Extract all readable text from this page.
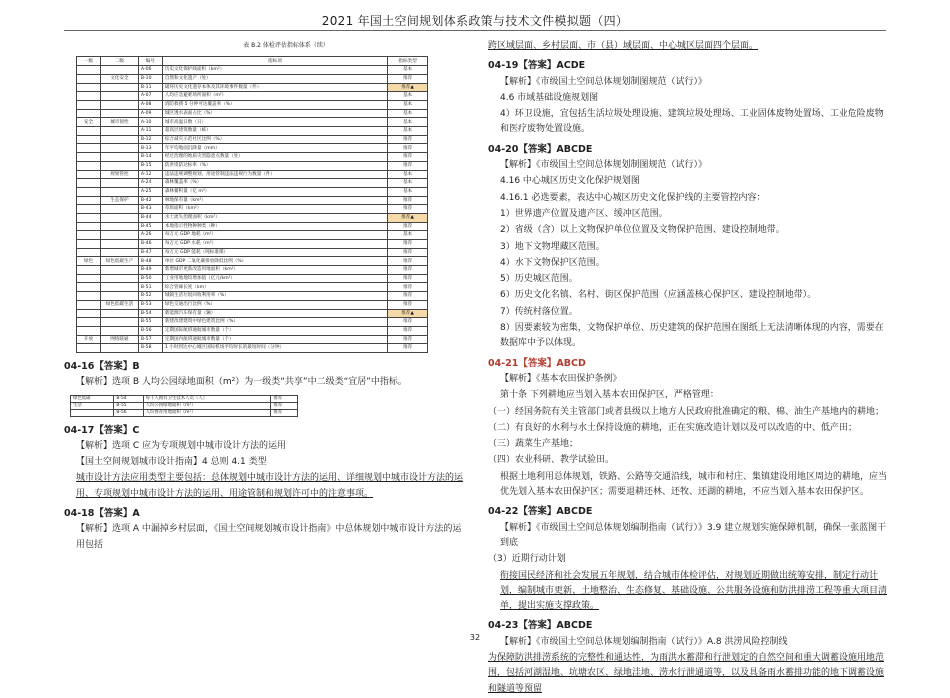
2021 年国土空间规划体系政策与技术文件模拟题（四）
表 B.2 体检评估指标体系（续）
一级	二级	编号	指标项	指标类型
		A-06	历史文化保护线面积（km²）	基本
	文化安全	B-10	自然和文化遗产（处）	推荐
		B-11	破坏历史文化遗存本体及其环境事件数量（件）	推荐▲
		A-07	人均应急避难场所面积（m²）	基本
		A-08	消防救援 5 分钟可达覆盖率（%）	基本
		A-09	城区透水表面占比（%）	基本
安全	城市韧性	A-10	城市高温日数（日）	基本
		A-11	超高层建筑数量（栋）	基本
		B-12	综合减灾示范社区比例（%）	推荐
		B-13	年平均地面沉降量（mm）	推荐
		B-14	经过治理的地质灾害隐患点数量（处）	推荐
		B-15	防洪堤防达标率（%）	推荐
	规划管控	A-12	违法违规调整规划、用途管制违法违规行为数量（件）	基本
		A-24	森林覆盖率（%）	基本
		A-25	森林蓄积量（亿 m³）	基本
	生态保护	B-42	林地保有量（km²）	推荐
		B-43	草原面积（km²）	推荐
		B-44	水土流失治理面积（km²）	推荐▲
		B-45	本地指示性物种种类（种）	推荐
		A-26	每万元 GDP 地耗（m²）	基本
		B-46	每万元 GDP 水耗（m³）	推荐
		B-47	每万元 GDP 能耗（吨标准煤）	推荐
绿色	绿色低碳生产	B-48	单位 GDP 二氧化碳排放降低比例（%）	推荐
		B-49	新增城市更新改造用地面积（km²）	推荐
		B-50	工业用地地均增加值（亿元/km²）	推荐
		B-51	综合管廊长度（km）	推荐
		B-52	城镇生活垃圾回收利用率（%）	推荐
	绿色低碳生活	B-53	绿色交通出行比例（%）	推荐
		B-54	新能源汽车保有量（辆）	推荐▲
		B-55	新建改建建筑中绿色建筑比例（%）	推荐
		B-56	定期国际航班通航城市数量（个）	推荐
开放	网络联通	B-57	定期国内航班通航城市数量（个）	推荐
		B-58	1 小时到达中心城区国际机场平均时长的最短时间（分钟）	推荐
04-16【答案】B
【解析】选项 B 人均公园绿地面积（m²）为一级类“共享”中二级类“宜居”中指标。
绿色低碳	B-54	每千人拥有卫生技术人员（人）	推荐
生活	B-55	人均公园绿地面积（m²）	推荐
	B-56	人均体育用地面积（m²）	推荐
04-17【答案】C
【解析】选项 C 应为专项规划中城市设计方法的运用
【国土空间规划城市设计指南】4 总则 4.1 类型
城市设计方法应用类型主要包括：总体规划中城市设计方法的运用、详细规划中城市设计方法的运用、专项规划中城市设计方法的运用、用途管制和规划许可中的注意事项。
04-18【答案】A
【解析】选项 A 中漏掉乡村层面，《国土空间规划城市设计指南》中总体规划中城市设计方法的运用包括
跨区域层面、乡村层面、市（县）域层面、中心城区层面四个层面。
04-19【答案】ACDE
【解析】《市级国土空间总体规划制图规范（试行）》
4.6 市域基础设施规划图
4）环卫设施，宜包括生活垃圾处理设施、建筑垃圾处理场、工业固体废物处置场、工业危险废物和医疗废物处置设施。
04-20【答案】ABCDE
【解析】《市级国土空间总体规划制图规范（试行）》
4.16 中心城区历史文化保护规划图
4.16.1 必选要素，表达中心城区历史文化保护线的主要管控内容：
1）世界遗产位置及遗产区、缓冲区范围。
2）省级（含）以上文物保护单位位置及文物保护范围、建设控制地带。
3）地下文物埋藏区范围。
4）水下文物保护区范围。
5）历史城区范围。
6）历史文化名镇、名村、街区保护范围（应涵盖核心保护区、建设控制地带）。
7）传统村落位置。
8）因要素较为密集，文物保护单位、历史建筑的保护范围在图纸上无法清晰体现的内容，需要在数据库中予以体现。
04-21【答案】ABCD
【解析】《基本农田保护条例》
第十条 下列耕地应当划入基本农田保护区，严格管理：
（一）经国务院有关主管部门或者县级以上地方人民政府批准确定的粮、棉、油生产基地内的耕地；
（二）有良好的水利与水土保持设施的耕地，正在实施改造计划以及可以改造的中、低产田；
（三）蔬菜生产基地；
（四）农业科研、教学试验田。
根据土地利用总体规划，铁路、公路等交通沿线，城市和村庄、集镇建设用地区周边的耕地，应当优先划入基本农田保护区；需要退耕还林、还牧、还湖的耕地，不应当划入基本农田保护区。
04-22【答案】ABCDE
【解析】《市级国土空间总体规划编制指南（试行）》3.9 建立规划实施保障机制，确保一张蓝图干到底
（3）近期行动计划
衔接国民经济和社会发展五年规划，结合城市体检评估，对规划近期做出统筹安排，制定行动计划，编制城市更新、土地整治、生态修复、基础设施、公共服务设施和防洪排涝工程等重大项目清单，提出实施支撑政策。
04-23【答案】ABCDE
【解析】《市级国土空间总体规划编制指南（试行）》A.8 洪涝风险控制线
为保障防洪排涝系统的完整性和通达性，为雨洪水蓄滞和行泄划定的自然空间和重大调蓄设施用地范围，包括河湖湿地、坑塘农区、绿地洼地、涝水行泄通道等，以及具备雨水蓄排功能的地下调蓄设施和隧道等预留
32
